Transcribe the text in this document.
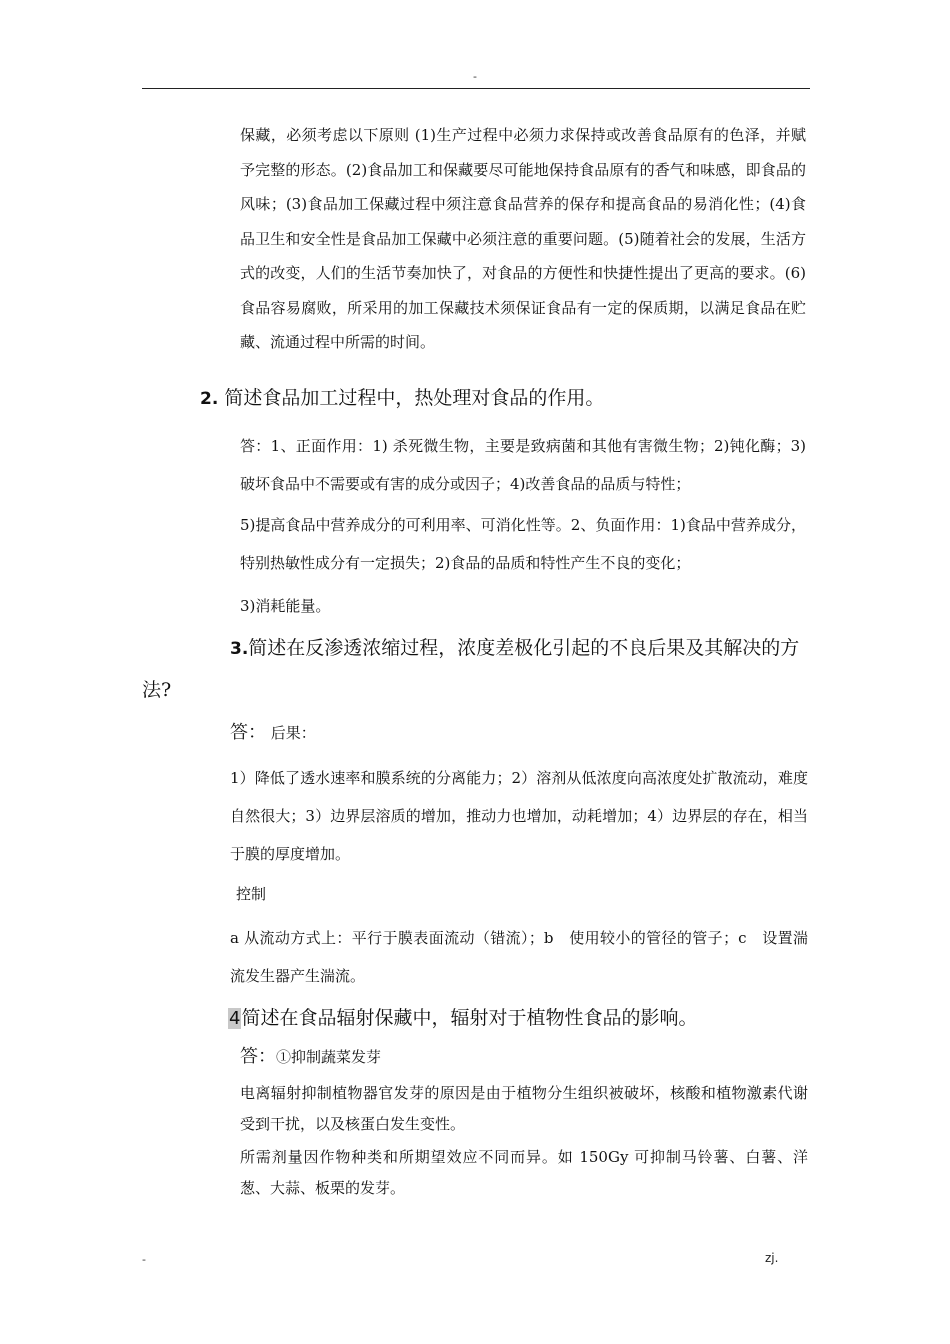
-

保藏，必须考虑以下原则 (1)生产过程中必须力求保持或改善食品原有的色泽，并赋予完整的形态。(2)食品加工和保藏要尽可能地保持食品原有的香气和味感，即食品的风味；(3)食品加工保藏过程中须注意食品营养的保存和提高食品的易消化性；(4)食品卫生和安全性是食品加工保藏中必须注意的重要问题。(5)随着社会的发展，生活方式的改变，人们的生活节奏加快了，对食品的方便性和快捷性提出了更高的要求。(6) 食品容易腐败，所采用的加工保藏技术须保证食品有一定的保质期，以满足食品在贮藏、流通过程中所需的时间。

2. 简述食品加工过程中，热处理对食品的作用。

答：1、正面作用：1) 杀死微生物，主要是致病菌和其他有害微生物；2)钝化酶；3)破坏食品中不需要或有害的成分或因子；4)改善食品的品质与特性；

5)提高食品中营养成分的可利用率、可消化性等。2、负面作用：1)食品中营养成分，特别热敏性成分有一定损失；2)食品的品质和特性产生不良的变化；

3)消耗能量。

3.简述在反渗透浓缩过程，浓度差极化引起的不良后果及其解决的方
法?
答： 后果：

1）降低了透水速率和膜系统的分离能力；2）溶剂从低浓度向高浓度处扩散流动，难度自然很大；3）边界层溶质的增加，推动力也增加，动耗增加；4）边界层的存在，相当于膜的厚度增加。

控制

a 从流动方式上：平行于膜表面流动（错流）；b　使用较小的管径的管子；c　设置湍流发生器产生湍流。

4简述在食品辐射保藏中，辐射对于植物性食品的影响。
答：①抑制蔬菜发芽

电离辐射抑制植物器官发芽的原因是由于植物分生组织被破坏，核酸和植物激素代谢受到干扰，以及核蛋白发生变性。

所需剂量因作物种类和所期望效应不同而异。如 150Gy 可抑制马铃薯、白薯、洋葱、大蒜、板栗的发芽。

-	zj.
